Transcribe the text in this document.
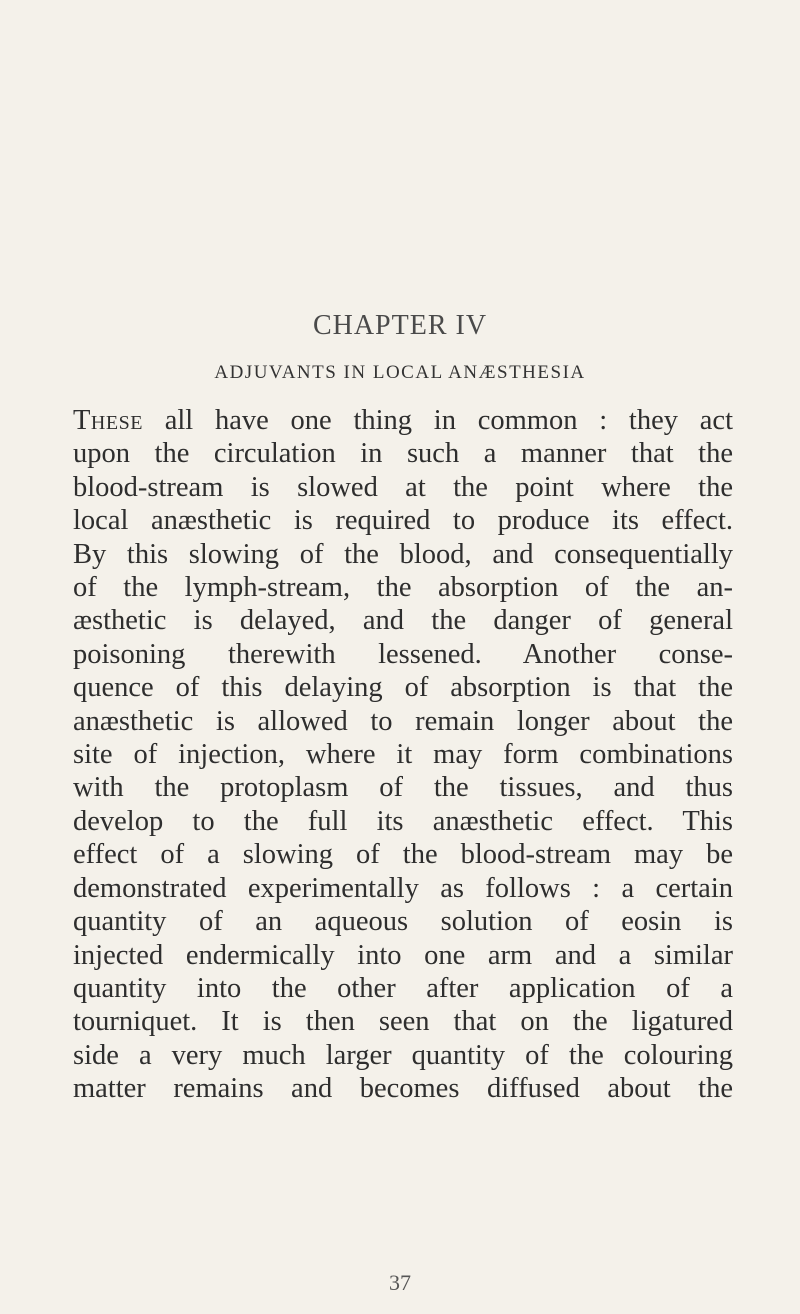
CHAPTER IV
ADJUVANTS IN LOCAL ANÆSTHESIA
These all have one thing in common : they act
upon the circulation in such a manner that the
blood-stream is slowed at the point where the
local anæsthetic is required to produce its effect.
By this slowing of the blood, and consequentially
of the lymph-stream, the absorption of the an-
æsthetic is delayed, and the danger of general
poisoning therewith lessened. Another conse-
quence of this delaying of absorption is that the
anæsthetic is allowed to remain longer about the
site of injection, where it may form combinations
with the protoplasm of the tissues, and thus
develop to the full its anæsthetic effect. This
effect of a slowing of the blood-stream may be
demonstrated experimentally as follows : a certain
quantity of an aqueous solution of eosin is
injected endermically into one arm and a similar
quantity into the other after application of a
tourniquet. It is then seen that on the ligatured
side a very much larger quantity of the colouring
matter remains and becomes diffused about the
37
